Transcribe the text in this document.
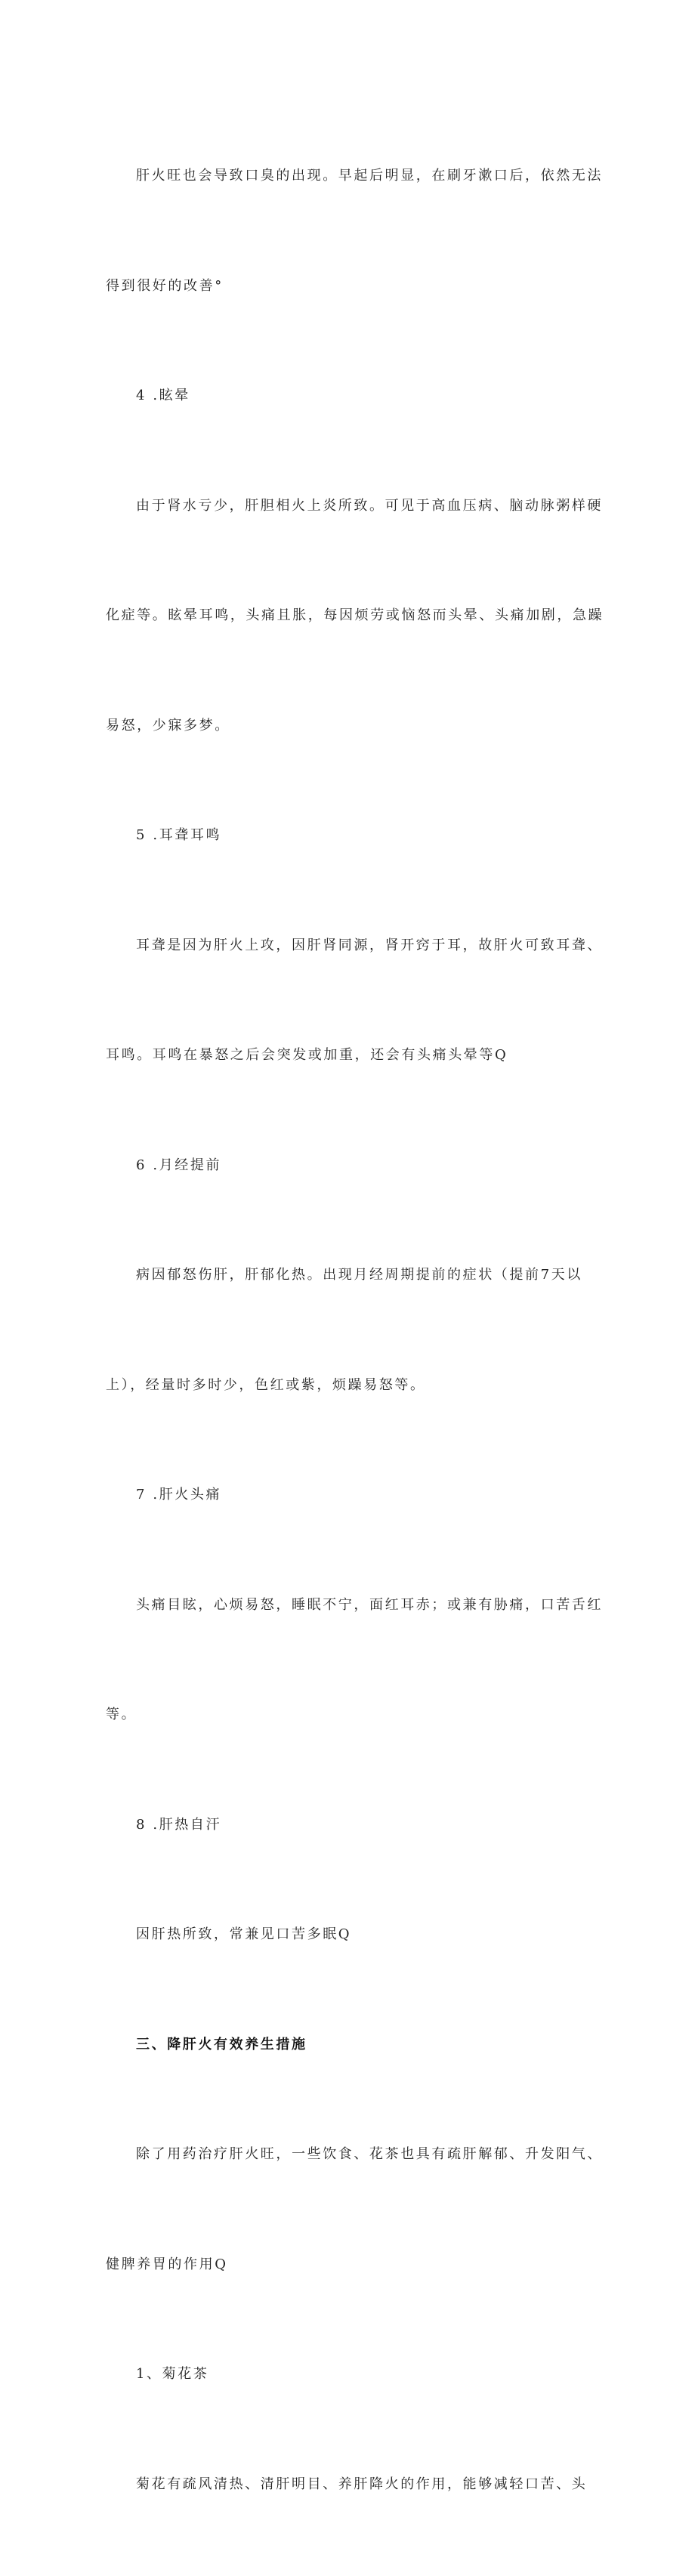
肝火旺也会导致口臭的出现。早起后明显，在刷牙漱口后，依然无法

得到很好的改善°

4 .眩晕

由于肾水亏少，肝胆相火上炎所致。可见于高血压病、脑动脉粥样硬

化症等。眩晕耳鸣，头痛且胀，每因烦劳或恼怒而头晕、头痛加剧，急躁

易怒，少寐多梦。

5 .耳聋耳鸣

耳聋是因为肝火上攻，因肝肾同源，肾开窍于耳，故肝火可致耳聋、

耳鸣。耳鸣在暴怒之后会突发或加重，还会有头痛头晕等Q

6 .月经提前

病因郁怒伤肝，肝郁化热。出现月经周期提前的症状（提前7天以

上），经量时多时少，色红或紫，烦躁易怒等。

7 .肝火头痛

头痛目眩，心烦易怒，睡眠不宁，面红耳赤；或兼有胁痛，口苦舌红

等。

8 .肝热自汗

因肝热所致，常兼见口苦多眠Q

三、降肝火有效养生措施

除了用药治疗肝火旺，一些饮食、花茶也具有疏肝解郁、升发阳气、

健脾养胃的作用Q

1、菊花茶

菊花有疏风清热、清肝明目、养肝降火的作用，能够减轻口苦、头
